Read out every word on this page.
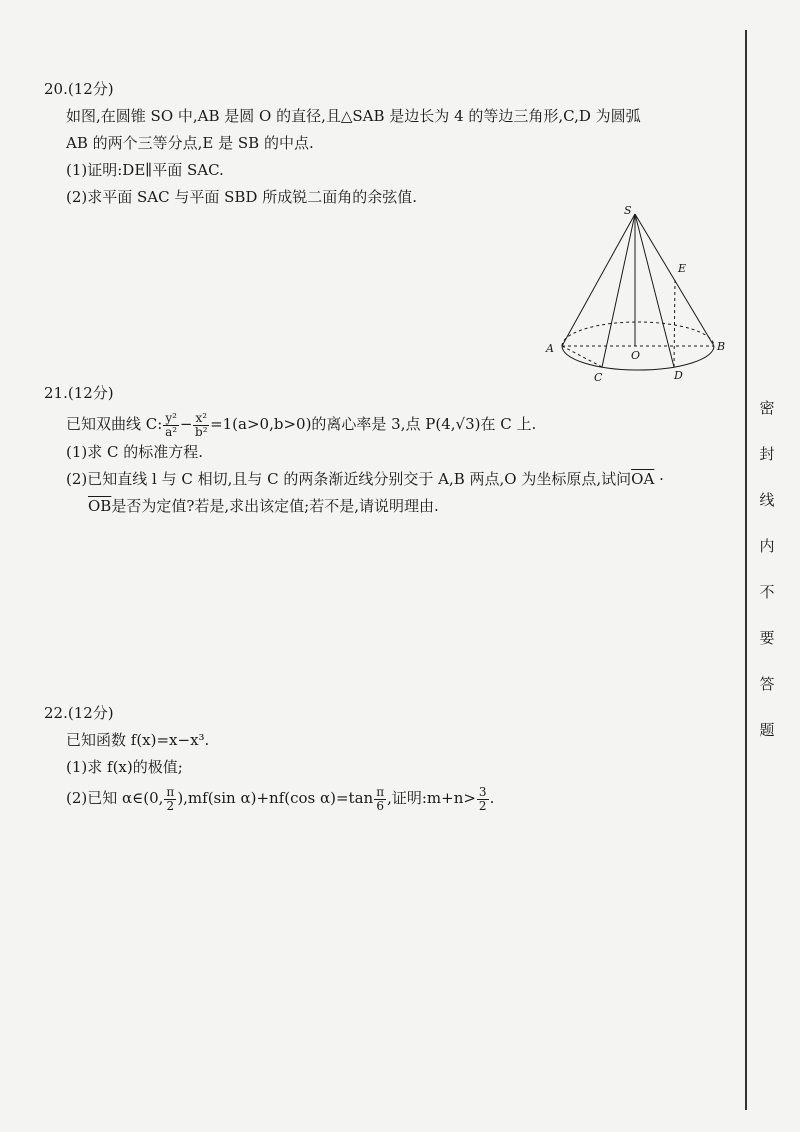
20.(12分)

如图,在圆锥 SO 中,AB 是圆 O 的直径,且△SAB 是边长为 4 的等边三角形,C,D 为圆弧

AB 的两个三等分点,E 是 SB 的中点.

(1)证明:DE∥平面 SAC.

(2)求平面 SAC 与平面 SBD 所成锐二面角的余弦值.

S
E
A
O
B
C	D
21.(12分)

已知双曲线 C: $\frac{\text{y²}}{\text{a²}} - \frac{\text{x²}}{\text{b²}} =1(a>0,b>0)$的离心率是 3,点 P(4,√3)在 C 上.

(1)求 C 的标准方程.

(2)已知直线 l 与 C 相切,且与 C 的两条渐近线分别交于 A,B 两点,O 为坐标原点,试问$\overline{OA}$ ·
$\overline{OB}$是否为定值?若是,求出该定值;若不是,请说明理由.

22.(12分)

已知函数 f(x)=x−x³.

(1)求 f(x)的极值;

(2)已知 α∈(0, $\frac{\pi}{2} ),mf(\sin$ α)+nf(cos $\alpha)=\tan \frac{\pi}{6}$ ,证明:m+n> $\frac{3}{2}$ .

密
封
线
内
不
要
答
题
